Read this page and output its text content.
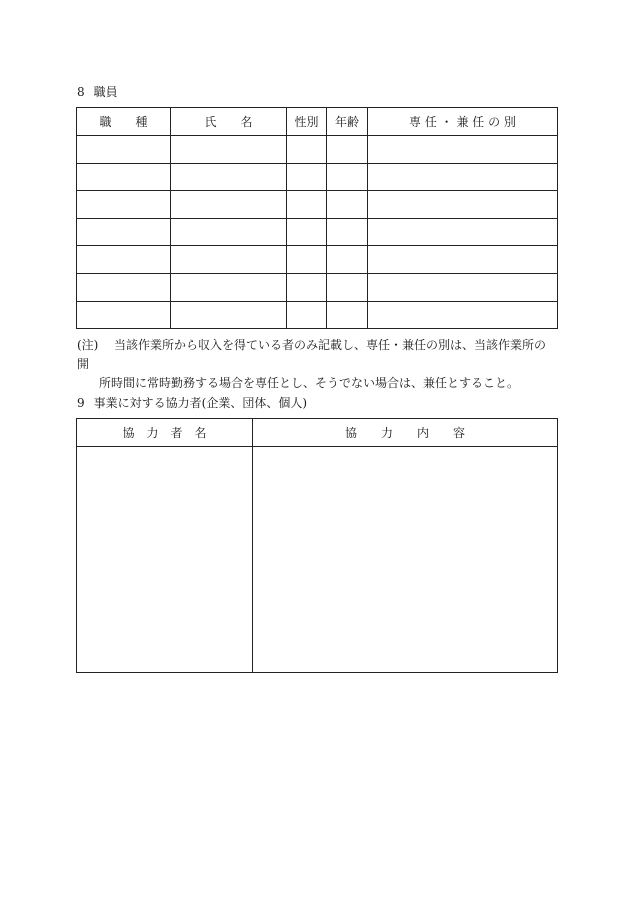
8 職員
職　　種	氏　　名	性別	年齢	専 任 ・ 兼 任 の 別

(注) 当該作業所から収入を得ている者のみ記載し、専任・兼任の別は、当該作業所の開
所時間に常時勤務する場合を専任とし、そうでない場合は、兼任とすること。
9 事業に対する協力者(企業、団体、個人)
協　力　者　名	協　　力　　内　　容
